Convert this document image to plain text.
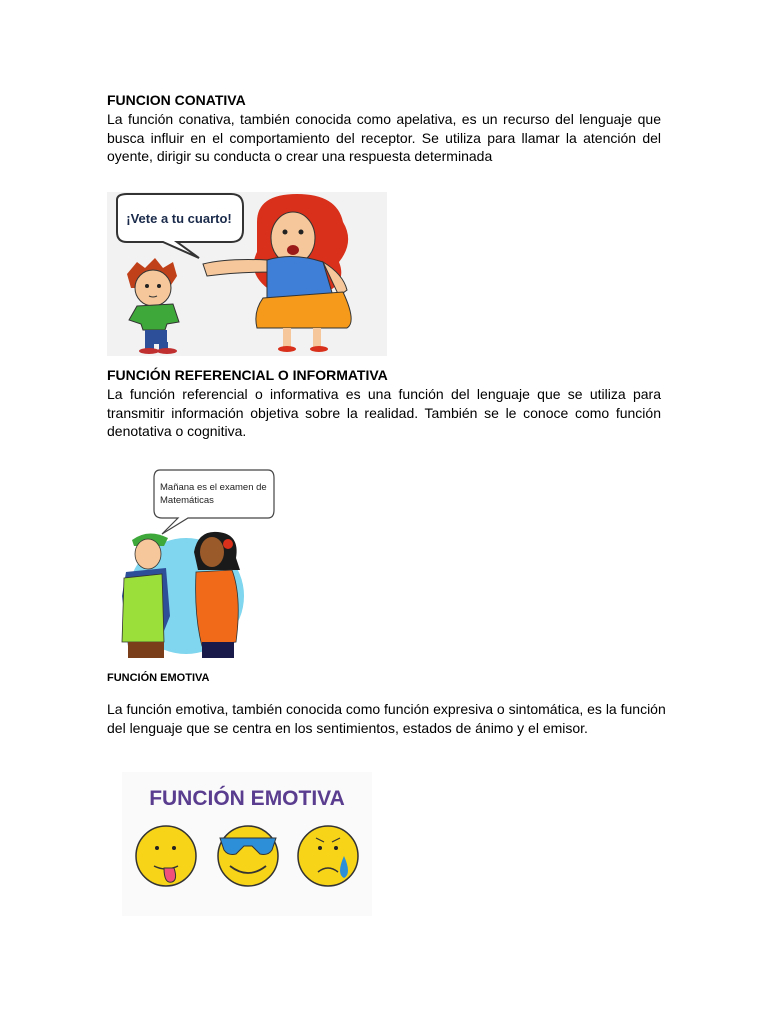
FUNCION CONATIVA

La función conativa, también conocida como apelativa, es un recurso del lenguaje que busca influir en el comportamiento del receptor. Se utiliza para llamar la atención del oyente, dirigir su conducta o crear una respuesta determinada

¡Vete a tu cuarto!
FUNCIÓN REFERENCIAL O INFORMATIVA

La función referencial o informativa es una función del lenguaje que se utiliza para transmitir información objetiva sobre la realidad. También se le conoce como función denotativa o cognitiva.

Mañana es el examen de
Matemáticas
FUNCIÓN EMOTIVA

La función emotiva, también conocida como función expresiva o sintomática, es la función del lenguaje que se centra en los sentimientos, estados de ánimo y el emisor.

FUNCIÓN EMOTIVA
